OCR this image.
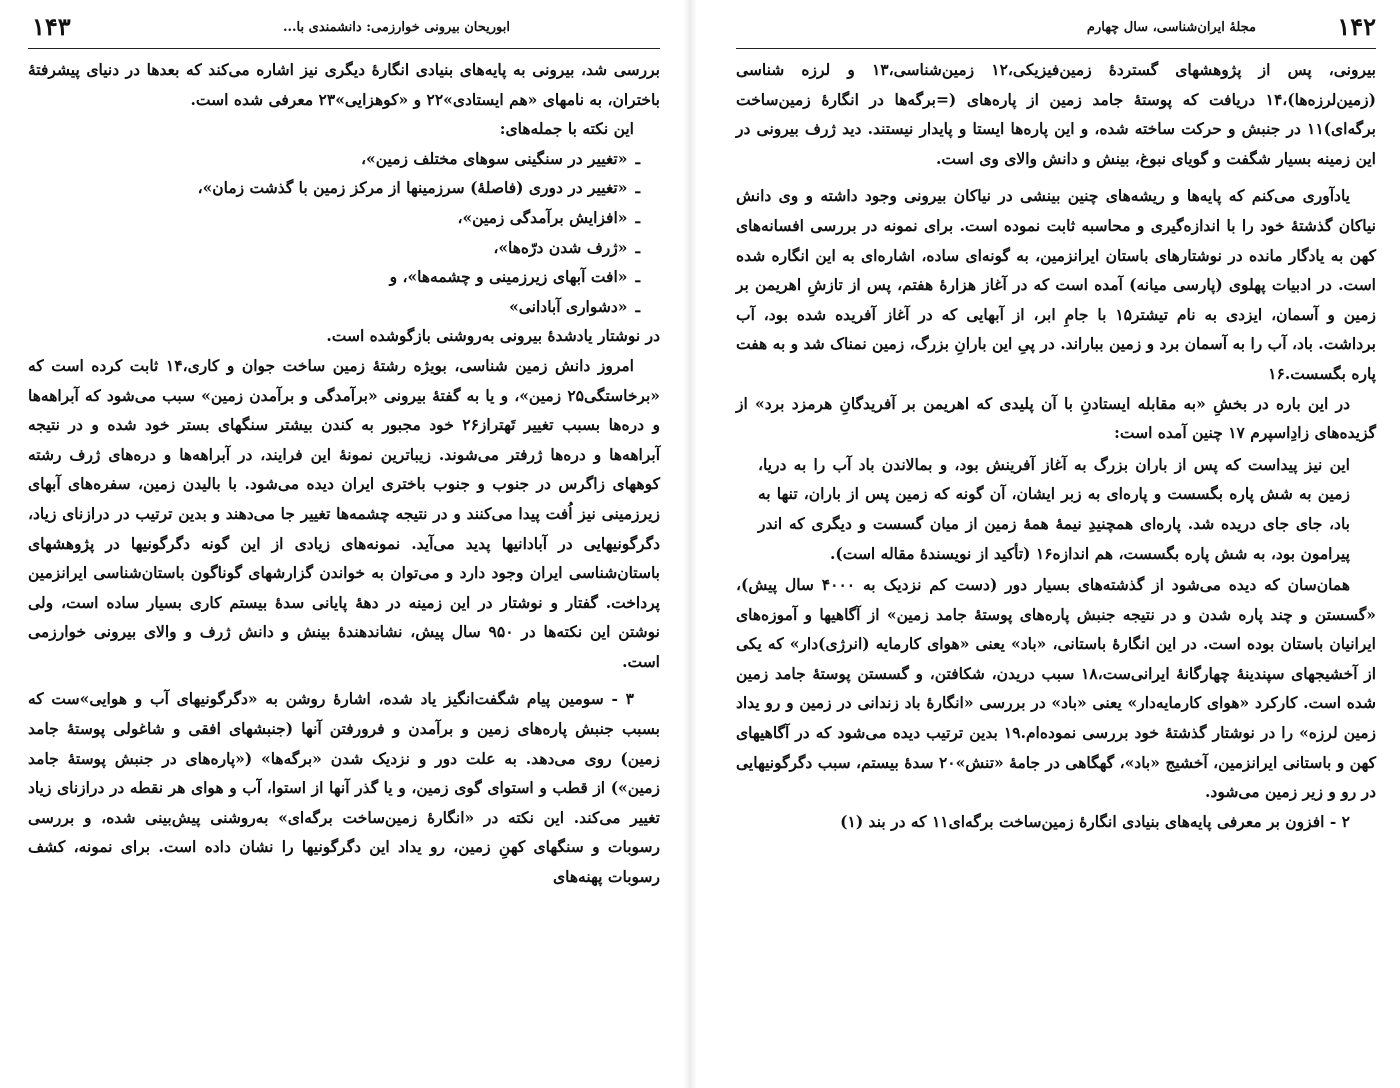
ابوریحان بیرونی خوارزمی: دانشمندی با...
۱۴۳

بررسی شد، بیرونی به پایه‌های بنیادی انگارهٔ دیگری نیز اشاره می‌کند که بعدها در دنیای پیشرفتهٔ باختران، به نامهای «هم ایستادی»۲۲ و «کوهزایی»۲۳ معرفی شده است.

این نکته با جمله‌های:

ـ«تغییر در سنگینی سوهای مختلف زمین»،
ـ«تغییر در دوری (فاصلهٔ) سرزمینها از مرکز زمین با گذشت زمان»،
ـ«افزایش برآمدگی زمین»،
ـ«ژرف شدن درّه‌ها»،
ـ«افت آبهای زیرزمینی و چشمه‌ها»، و
ـ«دشواری آبادانی»

در نوشتار یادشدهٔ بیرونی به‌روشنی بازگوشده است.

امروز دانش زمین شناسی، بویژه رشتهٔ زمین ساخت جوان و کاری،۱۴ ثابت کرده است که «برخاستگی۲۵ زمین»، و یا به گفتهٔ بیرونی «برآمدگی و برآمدن زمین» سبب می‌شود که آبراهه‌ها و دره‌ها بسبب تغییر تَهتراز۲۶ خود مجبور به کندن بیشتر سنگهای بستر خود شده و در نتیجه آبراهه‌ها و دره‌ها ژرفتر می‌شوند. زیباترین نمونهٔ این فرایند، در آبراهه‌ها و دره‌های ژرف رشته کوههای زاگرس در جنوب و جنوب باختری ایران دیده می‌شود. با بالیدن زمین، سفره‌های آبهای زیرزمینی نیز اُفت پیدا می‌کنند و در نتیجه چشمه‌ها تغییر جا می‌دهند و بدین ترتیب در درازنای زیاد، دگرگونیهایی در آبادانیها پدید می‌آید. نمونه‌های زیادی از این گونه دگرگونیها در پژوهشهای باستان‌شناسی ایران وجود دارد و می‌توان به خواندن گزارشهای گوناگون باستان‌شناسی ایرانزمین پرداخت. گفتار و نوشتار در این زمینه در دههٔ پایانی سدهٔ بیستم کاری بسیار ساده است، ولی نوشتن این نکته‌ها در ۹۵۰ سال پیش، نشاندهندهٔ بینش و دانش ژرف و والای بیرونی خوارزمی است.

۳ - سومین پیام شگفت‌انگیز یاد شده، اشارهٔ روشن به «دگرگونیهای آب و هوایی»ست که بسبب جنبش پاره‌های زمین و برآمدن و فرورفتن آنها (جنبشهای افقی و شاغولی پوستهٔ جامد زمین) روی می‌دهد. به علت دور و نزدیک شدن «برگه‌ها» («پاره‌های در جنبش پوستهٔ جامد زمین») از قطب و استوای گوی زمین، و یا گذر آنها از استوا، آب و هوای هر نقطه در درازنای زیاد تغییر می‌کند. این نکته در «انگارهٔ زمین‌ساخت برگه‌ای» به‌روشنی پیش‌بینی شده، و بررسی رسوبات و سنگهای کهنِ زمین، رو یداد این دگرگونیها را نشان داده است. برای نمونه، کشف رسوبات پهنه‌های

۱۴۲
مجلهٔ ایران‌شناسی، سال چهارم

بیرونی، پس از پژوهشهای گستردهٔ زمین‌فیزیکی،۱۲ زمین‌شناسی،۱۳ و لرزه شناسی (زمین‌لرزه‌ها)،۱۴ دریافت که پوستهٔ جامد زمین از پاره‌های (=برگه‌ها در انگارهٔ زمین‌ساخت برگه‌ای)۱۱ در جنبش و حرکت ساخته شده، و این پاره‌ها ایستا و پایدار نیستند. دید ژرف بیرونی در این زمینه بسیار شگفت و گویای نبوغ، بینش و دانش والای وی است.

یادآوری می‌کنم که پایه‌ها و ریشه‌های چنین بینشی در نیاکان بیرونی وجود داشته و وی دانش نیاکان گذشتهٔ خود را با اندازه‌گیری و محاسبه ثابت نموده است. برای نمونه در بررسی افسانه‌های کهن به یادگار مانده در نوشتارهای باستان ایرانزمین، به گونه‌ای ساده، اشاره‌ای به این انگاره شده است. در ادبیات پهلوی (پارسی میانه) آمده است که در آغاز هزارهٔ هفتم، پس از تازشِ اهریمن بر زمین و آسمان، ایزدی به نام تیشتر۱۵ با جامِ ابر، از آبهایی که در آغاز آفریده شده بود، آب برداشت. باد، آب را به آسمان برد و زمین بباراند. در پیِ این بارانِ بزرگ، زمین نمناک شد و به هفت پاره بگسست.۱۶

در این باره در بخشِ «به مقابله ایستادنِ با آن پلیدی که اهریمن بر آفریدگانِ هرمزد برد» از گزیده‌های زادِاسپرم ۱۷ چنین آمده است:

این نیز پیداست که پس از باران بزرگ به آغاز آفرینش بود، و بمالاندن باد آب را به دریا، زمین به شش پاره بگسست و پاره‌ای به زبر ایشان، آن گونه که زمین پس از باران، تنها به باد، جای جای دریده شد. پاره‌ای همچنیدِ نیمهٔ همهٔ زمین از میان گسست و دیگری که اندر پیرامون بود، به شش پاره بگسست، هم اندازه۱۶ (تأکید از نویسندهٔ مقاله است).

همان‌سان که دیده می‌شود از گذشته‌های بسیار دور (دست کم نزدیک به ۴۰۰۰ سال پیش)، «گسستن و چند پاره شدن و در نتیجه جنبش پاره‌های پوستهٔ جامد زمین» از آگاهیها و آموزه‌های ایرانیان باستان بوده است. در این انگارهٔ باستانی، «باد» یعنی «هوای کارمایه (انرژی)دار» که یکی از آخشیجهای سپندینهٔ چهارگانهٔ ایرانی‌ست،۱۸ سبب دریدن، شکافتن، و گسستن پوستهٔ جامد زمین شده است. کارکرد «هوای کارمایه‌دار» یعنی «باد» در بررسی «انگارهٔ باد زندانی در زمین و رو یداد زمین لرزه» را در نوشتار گذشتهٔ خود بررسی نموده‌ام.۱۹ بدین ترتیب دیده می‌شود که در آگاهیهای کهن و باستانی ایرانزمین، آخشیج «باد»، گهگاهی در جامهٔ «تنش»۲۰ سدهٔ بیستم، سبب دگرگونیهایی در رو و زیر زمین می‌شود.

۲ - افزون بر معرفی پایه‌های بنیادی انگارهٔ زمین‌ساخت برگه‌ای۱۱ که در بند (۱)
